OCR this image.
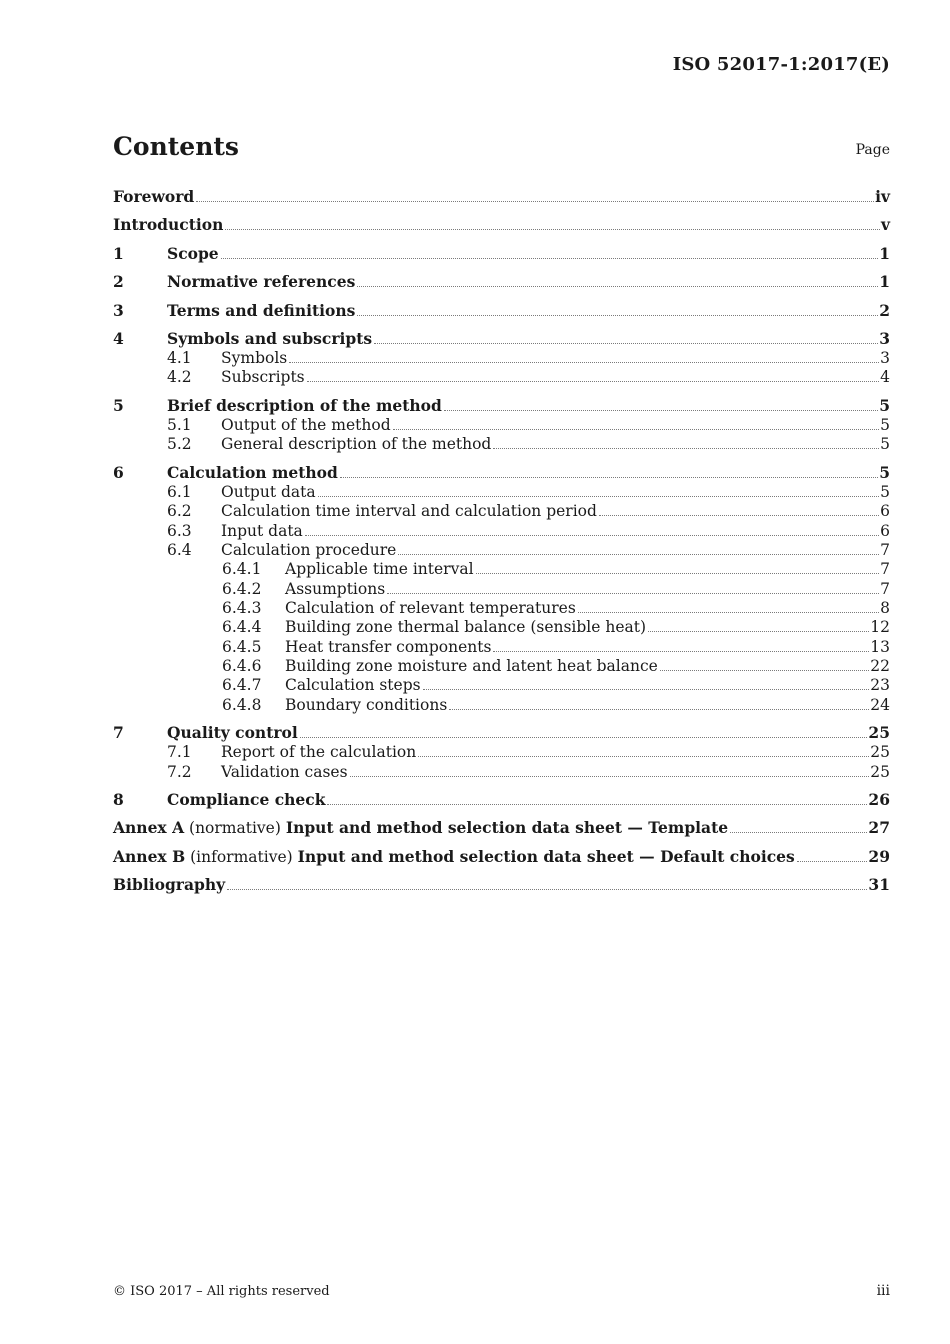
ISO 52017-1:2017(E)
Contents	Page
Foreword	iv
Introduction	v
1	Scope	1
2	Normative references	1
3	Terms and definitions	2
4	Symbols and subscripts	3
4.1	Symbols	3
4.2	Subscripts	4
5	Brief description of the method	5
5.1	Output of the method	5
5.2	General description of the method	5
6	Calculation method	5
6.1	Output data	5
6.2	Calculation time interval and calculation period	6
6.3	Input data	6
6.4	Calculation procedure	7
6.4.1	Applicable time interval	7
6.4.2	Assumptions	7
6.4.3	Calculation of relevant temperatures	8
6.4.4	Building zone thermal balance (sensible heat)	12
6.4.5	Heat transfer components	13
6.4.6	Building zone moisture and latent heat balance	22
6.4.7	Calculation steps	23
6.4.8	Boundary conditions	24
7	Quality control	25
7.1	Report of the calculation	25
7.2	Validation cases	25
8	Compliance check	26
Annex A (normative) Input and method selection data sheet — Template	27
Annex B (informative) Input and method selection data sheet — Default choices	29
Bibliography	31
© ISO 2017 – All rights reserved	iii
